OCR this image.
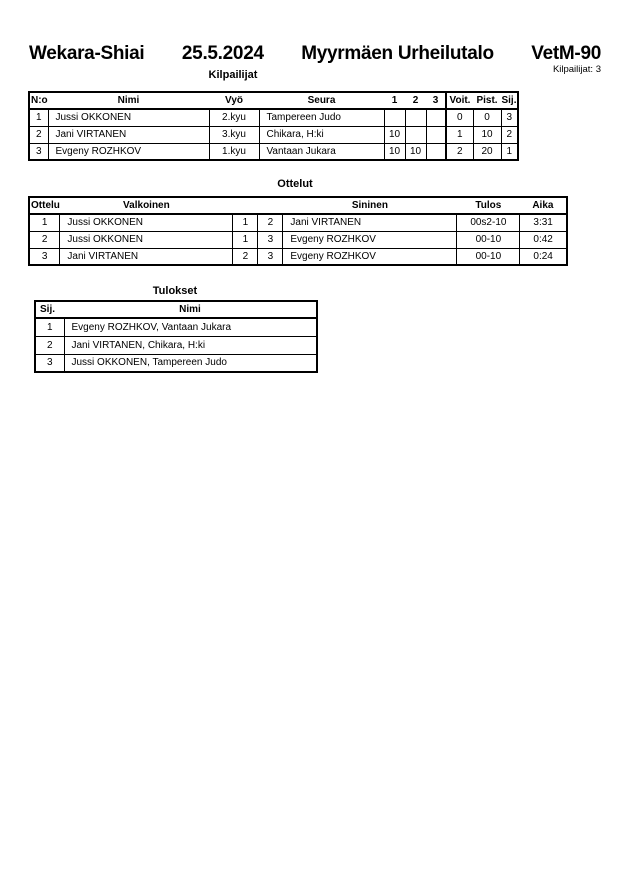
Wekara-Shiai 25.5.2024 Myyrmäen Urheilutalo VetM-90
Kilpailijat	Kilpailijat: 3
N:o	Nimi	Vyö	Seura	1	2	3	Voit.	Pist.	Sij.
1	Jussi OKKONEN	2.kyu	Tampereen Judo				0	0	3
2	Jani VIRTANEN	3.kyu	Chikara, H:ki	10			1	10	2
3	Evgeny ROZHKOV	1.kyu	Vantaan Jukara	10	10		2	20	1
Ottelut
Ottelu	Valkoinen			Sininen	Tulos	Aika
1	Jussi OKKONEN	1	2	Jani VIRTANEN	00s2-10	3:31
2	Jussi OKKONEN	1	3	Evgeny ROZHKOV	00-10	0:42
3	Jani VIRTANEN	2	3	Evgeny ROZHKOV	00-10	0:24
Tulokset
Sij.	Nimi
1	Evgeny ROZHKOV, Vantaan Jukara
2	Jani VIRTANEN, Chikara, H:ki
3	Jussi OKKONEN, Tampereen Judo
